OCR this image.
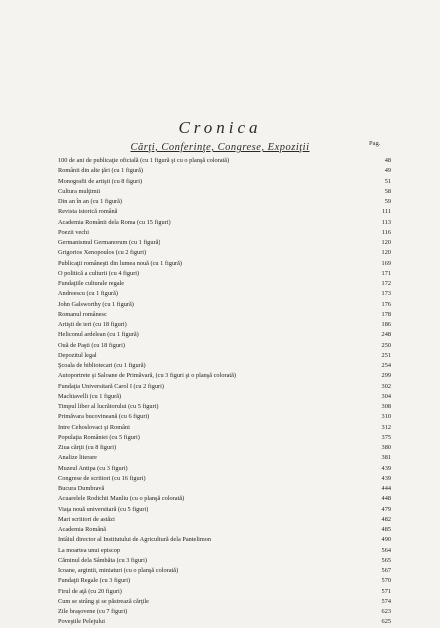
Cronica
Cărţi, Conferinţe, Congrese, Expoziţii	Pag.
100 de ani de publicaţie oficială (cu 1 figură şi cu o planşă colorată)	48
Românii din alte ţări (cu 1 figură)	49
Monografii de artişti (cu 8 figuri)	51
Cultura mulţimii	58
Din an în an (cu 1 figură)	59
Revista istorică română	111
Academia Românii dela Roma (cu 15 figuri)	113
Poezii vechi	116
Germanismul Germanorum (cu 1 figură)	120
Grigorios Xenopoulos (cu 2 figuri)	120
Publicaţii româneşti din lumea nouă (cu 1 figură)	169
O politică a culturii (cu 4 figuri)	171
Fundaţiile culturale regale	172
Andreescu (cu 1 figură)	173
John Galsworthy (cu 1 figură)	176
Romanul românesc	178
Artişti de ieri (cu 18 figuri)	186
Heliconul ardelean (cu 1 figură)	248
Ouă de Paşti (cu 18 figuri)	250
Depozitul legal	251
Şcoala de bibliotecari (cu 1 figură)	254
Autoportrete şi Saloane de Primăvară, (cu 3 figuri şi o planşă colorată)	299
Fundaţia Universitară Carol I (cu 2 figuri)	302
Machiavelli (cu 1 figură)	304
Timpul liber al lucrătorului (cu 5 figuri)	308
Primăvara bucovineană (cu 6 figuri)	310
Intre Cehoslovaci şi Români	312
Populaţia României (cu 5 figuri)	375
Ziua cărţii (cu 8 figuri)	380
Analize literare	381
Muzeul Antipa (cu 3 figuri)	439
Congrese de scriitori (cu 16 figuri)	439
Bucura Dumbravă	444
Acuarelele Rodichii Manliu (cu o planşă colorată)	448
Viaţa nouă universitară (cu 5 figuri)	479
Mari scriitori de astăzi	482
Academia Română	485
Intâiul director al Institutului de Agricultură dela Pantelimon	490
La moartea unui episcop	564
Căminul dela Sâmbăta (cu 3 figuri)	565
Icoane, argintii, miniaturi (cu o planşă colorată)	567
Fundaţii Regale (cu 3 figuri)	570
Firul de aţă (cu 20 figuri)	571
Cum se strâng şi se păstrează cărţile	574
Zile braşovene (cu 7 figuri)	623
Poveştile Pelejului	625
